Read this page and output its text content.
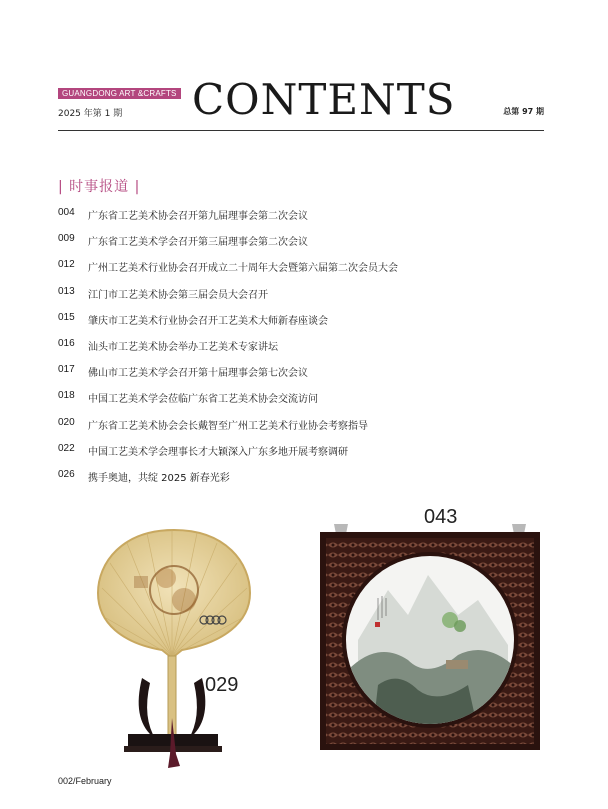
GUANGDONG ART &CRAFTS
2025 年第 1 期 CONTENTS	总第 97 期
| 时事报道 |
004	广东省工艺美术协会召开第九届理事会第二次会议
009	广东省工艺美术学会召开第三届理事会第二次会议
012	广州工艺美术行业协会召开成立二十周年大会暨第六届第二次会员大会
013	江门市工艺美术协会第三届会员大会召开
015	肇庆市工艺美术行业协会召开工艺美术大师新春座谈会
016	汕头市工艺美术协会举办工艺美术专家讲坛
017	佛山市工艺美术学会召开第十届理事会第七次会议
018	中国工艺美术学会莅临广东省工艺美术协会交流访问
020	广东省工艺美术协会会长戴智至广州工艺美术行业协会考察指导
022	中国工艺美术学会理事长才大颖深入广东多地开展考察调研
026	携手奥迪，共绽 2025 新春光彩
029
043
002/February
